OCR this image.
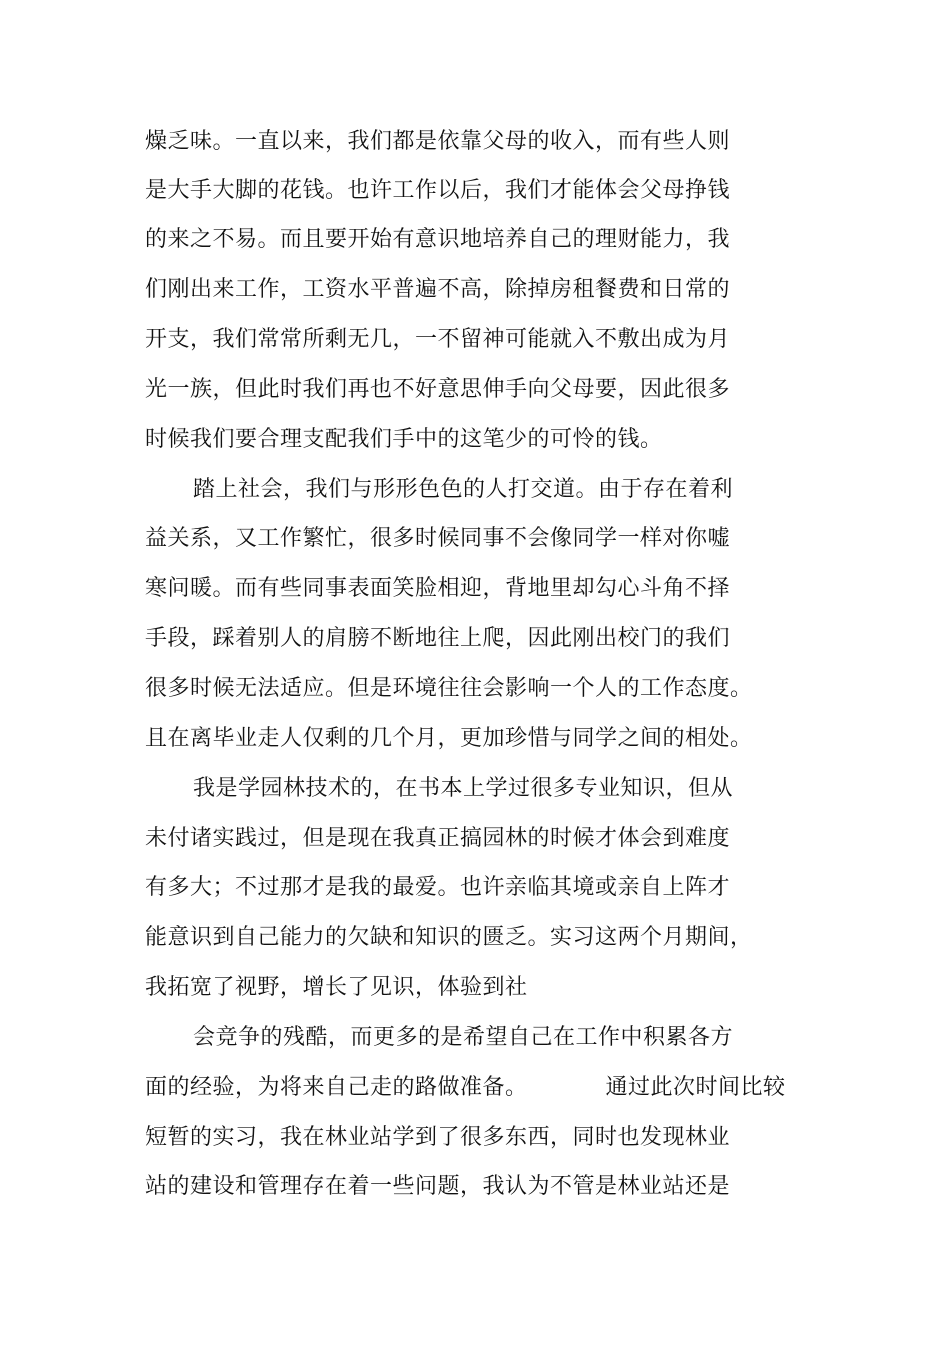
燥乏味。一直以来，我们都是依靠父母的收入，而有些人则
是大手大脚的花钱。也许工作以后，我们才能体会父母挣钱
的来之不易。而且要开始有意识地培养自己的理财能力，我
们刚出来工作，工资水平普遍不高，除掉房租餐费和日常的
开支，我们常常所剩无几，一不留神可能就入不敷出成为月
光一族，但此时我们再也不好意思伸手向父母要，因此很多
时候我们要合理支配我们手中的这笔少的可怜的钱。
踏上社会，我们与形形色色的人打交道。由于存在着利
益关系，又工作繁忙，很多时候同事不会像同学一样对你嘘
寒问暖。而有些同事表面笑脸相迎，背地里却勾心斗角不择
手段，踩着别人的肩膀不断地往上爬，因此刚出校门的我们
很多时候无法适应。但是环境往往会影响一个人的工作态度。
且在离毕业走人仅剩的几个月，更加珍惜与同学之间的相处。
我是学园林技术的，在书本上学过很多专业知识，但从
未付诸实践过，但是现在我真正搞园林的时候才体会到难度
有多大；不过那才是我的最爱。也许亲临其境或亲自上阵才
能意识到自己能力的欠缺和知识的匮乏。实习这两个月期间，
我拓宽了视野，增长了见识，体验到社
会竞争的残酷，而更多的是希望自己在工作中积累各方
面的经验，为将来自己走的路做准备。	通过此次时间比较
短暂的实习，我在林业站学到了很多东西，同时也发现林业
站的建设和管理存在着一些问题，我认为不管是林业站还是
